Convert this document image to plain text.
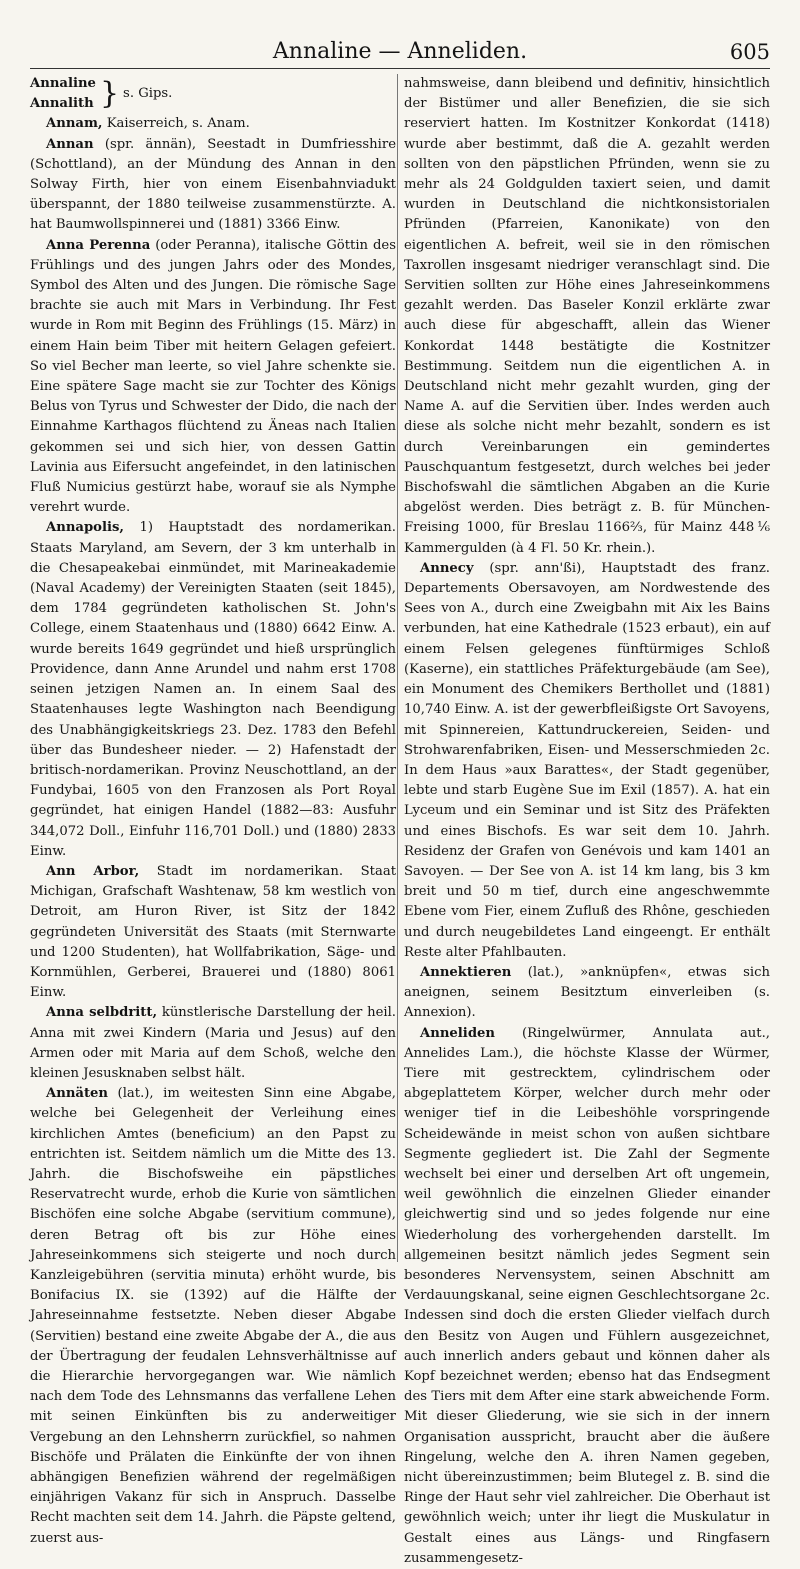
Annaline — Anneliden.	605
Annaline
Annalith } s. Gips.

Annam, Kaiserreich, s. Anam.

Annan (spr. ännän), Seestadt in Dumfriesshire (Schottland), an der Mündung des Annan in den Solway Firth, hier von einem Eisenbahnviadukt überspannt, der 1880 teilweise zusammenstürzte. A. hat Baumwollspinnerei und (1881) 3366 Einw.

Anna Perenna (oder Peranna), italische Göttin des Frühlings und des jungen Jahrs oder des Mondes, Symbol des Alten und des Jungen. Die römische Sage brachte sie auch mit Mars in Verbindung. Ihr Fest wurde in Rom mit Beginn des Frühlings (15. März) in einem Hain beim Tiber mit heitern Gelagen gefeiert. So viel Becher man leerte, so viel Jahre schenkte sie. Eine spätere Sage macht sie zur Tochter des Königs Belus von Tyrus und Schwester der Dido, die nach der Einnahme Karthagos flüchtend zu Äneas nach Italien gekommen sei und sich hier, von dessen Gattin Lavinia aus Eifersucht angefeindet, in den latinischen Fluß Numicius gestürzt habe, worauf sie als Nymphe verehrt wurde.

Annapolis, 1) Hauptstadt des nordamerikan. Staats Maryland, am Severn, der 3 km unterhalb in die Chesapeakebai einmündet, mit Marineakademie (Naval Academy) der Vereinigten Staaten (seit 1845), dem 1784 gegründeten katholischen St. John's College, einem Staatenhaus und (1880) 6642 Einw. A. wurde bereits 1649 gegründet und hieß ursprünglich Providence, dann Anne Arundel und nahm erst 1708 seinen jetzigen Namen an. In einem Saal des Staatenhauses legte Washington nach Beendigung des Unabhängigkeitskriegs 23. Dez. 1783 den Befehl über das Bundesheer nieder. — 2) Hafenstadt der britisch-nordamerikan. Provinz Neuschottland, an der Fundybai, 1605 von den Franzosen als Port Royal gegründet, hat einigen Handel (1882—83: Ausfuhr 344,072 Doll., Einfuhr 116,701 Doll.) und (1880) 2833 Einw.

Ann Arbor, Stadt im nordamerikan. Staat Michigan, Grafschaft Washtenaw, 58 km westlich von Detroit, am Huron River, ist Sitz der 1842 gegründeten Universität des Staats (mit Sternwarte und 1200 Studenten), hat Wollfabrikation, Säge- und Kornmühlen, Gerberei, Brauerei und (1880) 8061 Einw.

Anna selbdritt, künstlerische Darstellung der heil. Anna mit zwei Kindern (Maria und Jesus) auf den Armen oder mit Maria auf dem Schoß, welche den kleinen Jesusknaben selbst hält.

Annäten (lat.), im weitesten Sinn eine Abgabe, welche bei Gelegenheit der Verleihung eines kirchlichen Amtes (beneficium) an den Papst zu entrichten ist. Seitdem nämlich um die Mitte des 13. Jahrh. die Bischofsweihe ein päpstliches Reservatrecht wurde, erhob die Kurie von sämtlichen Bischöfen eine solche Abgabe (servitium commune), deren Betrag oft bis zur Höhe eines Jahreseinkommens sich steigerte und noch durch Kanzleigebühren (servitia minuta) erhöht wurde, bis Bonifacius IX. sie (1392) auf die Hälfte der Jahreseinnahme festsetzte. Neben dieser Abgabe (Servitien) bestand eine zweite Abgabe der A., die aus der Übertragung der feudalen Lehnsverhältnisse auf die Hierarchie hervorgegangen war. Wie nämlich nach dem Tode des Lehnsmanns das verfallene Lehen mit seinen Einkünften bis zu anderweitiger Vergebung an den Lehnsherrn zurückfiel, so nahmen Bischöfe und Prälaten die Einkünfte der von ihnen abhängigen Benefizien während der regelmäßigen einjährigen Vakanz für sich in Anspruch. Dasselbe Recht machten seit dem 14. Jahrh. die Päpste geltend, zuerst aus-

nahmsweise, dann bleibend und definitiv, hinsichtlich der Bistümer und aller Benefizien, die sie sich reserviert hatten. Im Kostnitzer Konkordat (1418) wurde aber bestimmt, daß die A. gezahlt werden sollten von den päpstlichen Pfründen, wenn sie zu mehr als 24 Goldgulden taxiert seien, und damit wurden in Deutschland die nichtkonsistorialen Pfründen (Pfarreien, Kanonikate) von den eigentlichen A. befreit, weil sie in den römischen Taxrollen insgesamt niedriger veranschlagt sind. Die Servitien sollten zur Höhe eines Jahreseinkommens gezahlt werden. Das Baseler Konzil erklärte zwar auch diese für abgeschafft, allein das Wiener Konkordat 1448 bestätigte die Kostnitzer Bestimmung. Seitdem nun die eigentlichen A. in Deutschland nicht mehr gezahlt wurden, ging der Name A. auf die Servitien über. Indes werden auch diese als solche nicht mehr bezahlt, sondern es ist durch Vereinbarungen ein gemindertes Pauschquantum festgesetzt, durch welches bei jeder Bischofswahl die sämtlichen Abgaben an die Kurie abgelöst werden. Dies beträgt z. B. für München-Freising 1000, für Breslau 1166⅔, für Mainz 448⅙ Kammergulden (à 4 Fl. 50 Kr. rhein.).

Annecy (spr. ann'ßi), Hauptstadt des franz. Departements Obersavoyen, am Nordwestende des Sees von A., durch eine Zweigbahn mit Aix les Bains verbunden, hat eine Kathedrale (1523 erbaut), ein auf einem Felsen gelegenes fünftürmiges Schloß (Kaserne), ein stattliches Präfekturgebäude (am See), ein Monument des Chemikers Berthollet und (1881) 10,740 Einw. A. ist der gewerbfleißigste Ort Savoyens, mit Spinnereien, Kattundruckereien, Seiden- und Strohwarenfabriken, Eisen- und Messerschmieden 2c. In dem Haus »aux Barattes«, der Stadt gegenüber, lebte und starb Eugène Sue im Exil (1857). A. hat ein Lyceum und ein Seminar und ist Sitz des Präfekten und eines Bischofs. Es war seit dem 10. Jahrh. Residenz der Grafen von Genévois und kam 1401 an Savoyen. — Der See von A. ist 14 km lang, bis 3 km breit und 50 m tief, durch eine angeschwemmte Ebene vom Fier, einem Zufluß des Rhône, geschieden und durch neugebildetes Land eingeengt. Er enthält Reste alter Pfahlbauten.

Annektieren (lat.), »anknüpfen«, etwas sich aneignen, seinem Besitztum einverleiben (s. Annexion).

Anneliden (Ringelwürmer, Annulata aut., Annelides Lam.), die höchste Klasse der Würmer, Tiere mit gestrecktem, cylindrischem oder abgeplattetem Körper, welcher durch mehr oder weniger tief in die Leibeshöhle vorspringende Scheidewände in meist schon von außen sichtbare Segmente gegliedert ist. Die Zahl der Segmente wechselt bei einer und derselben Art oft ungemein, weil gewöhnlich die einzelnen Glieder einander gleichwertig sind und so jedes folgende nur eine Wiederholung des vorhergehenden darstellt. Im allgemeinen besitzt nämlich jedes Segment sein besonderes Nervensystem, seinen Abschnitt am Verdauungskanal, seine eignen Geschlechtsorgane 2c. Indessen sind doch die ersten Glieder vielfach durch den Besitz von Augen und Fühlern ausgezeichnet, auch innerlich anders gebaut und können daher als Kopf bezeichnet werden; ebenso hat das Endsegment des Tiers mit dem After eine stark abweichende Form. Mit dieser Gliederung, wie sie sich in der innern Organisation ausspricht, braucht aber die äußere Ringelung, welche den A. ihren Namen gegeben, nicht übereinzustimmen; beim Blutegel z. B. sind die Ringe der Haut sehr viel zahlreicher. Die Oberhaut ist gewöhnlich weich; unter ihr liegt die Muskulatur in Gestalt eines aus Längs- und Ringfasern zusammengesetz-
